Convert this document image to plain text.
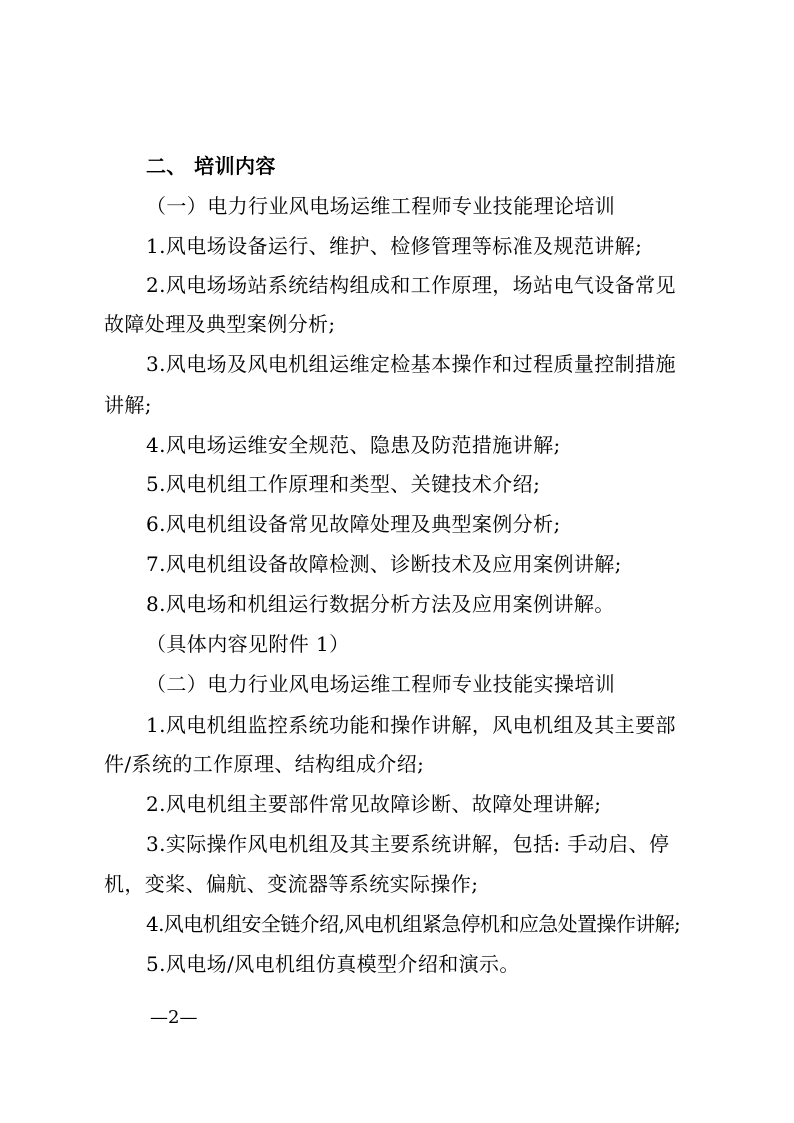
二、 培训内容
（一）电力行业风电场运维工程师专业技能理论培训
1.风电场设备运行、维护、检修管理等标准及规范讲解;
2.风电场场站系统结构组成和工作原理，场站电气设备常见
故障处理及典型案例分析;
3.风电场及风电机组运维定检基本操作和过程质量控制措施
讲解;
4.风电场运维安全规范、隐患及防范措施讲解;
5.风电机组工作原理和类型、关键技术介绍;
6.风电机组设备常见故障处理及典型案例分析;
7.风电机组设备故障检测、诊断技术及应用案例讲解;
8.风电场和机组运行数据分析方法及应用案例讲解。
（具体内容见附件 1）
（二）电力行业风电场运维工程师专业技能实操培训
1.风电机组监控系统功能和操作讲解，风电机组及其主要部
件/系统的工作原理、结构组成介绍;
2.风电机组主要部件常见故障诊断、故障处理讲解;
3.实际操作风电机组及其主要系统讲解，包括: 手动启、停
机，变桨、偏航、变流器等系统实际操作;
4.风电机组安全链介绍,风电机组紧急停机和应急处置操作讲解;
5.风电场/风电机组仿真模型介绍和演示。
—2—
